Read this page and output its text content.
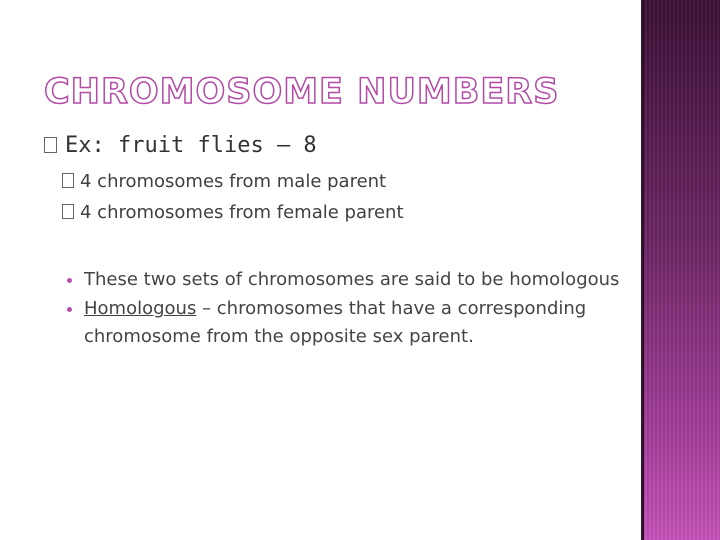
CHROMOSOME NUMBERS
Ex: fruit flies – 8
4 chromosomes from male parent
4 chromosomes from female parent

These two sets of chromosomes are said to be homologous

Homologous – chromosomes that have a corresponding chromosome from the opposite sex parent.
